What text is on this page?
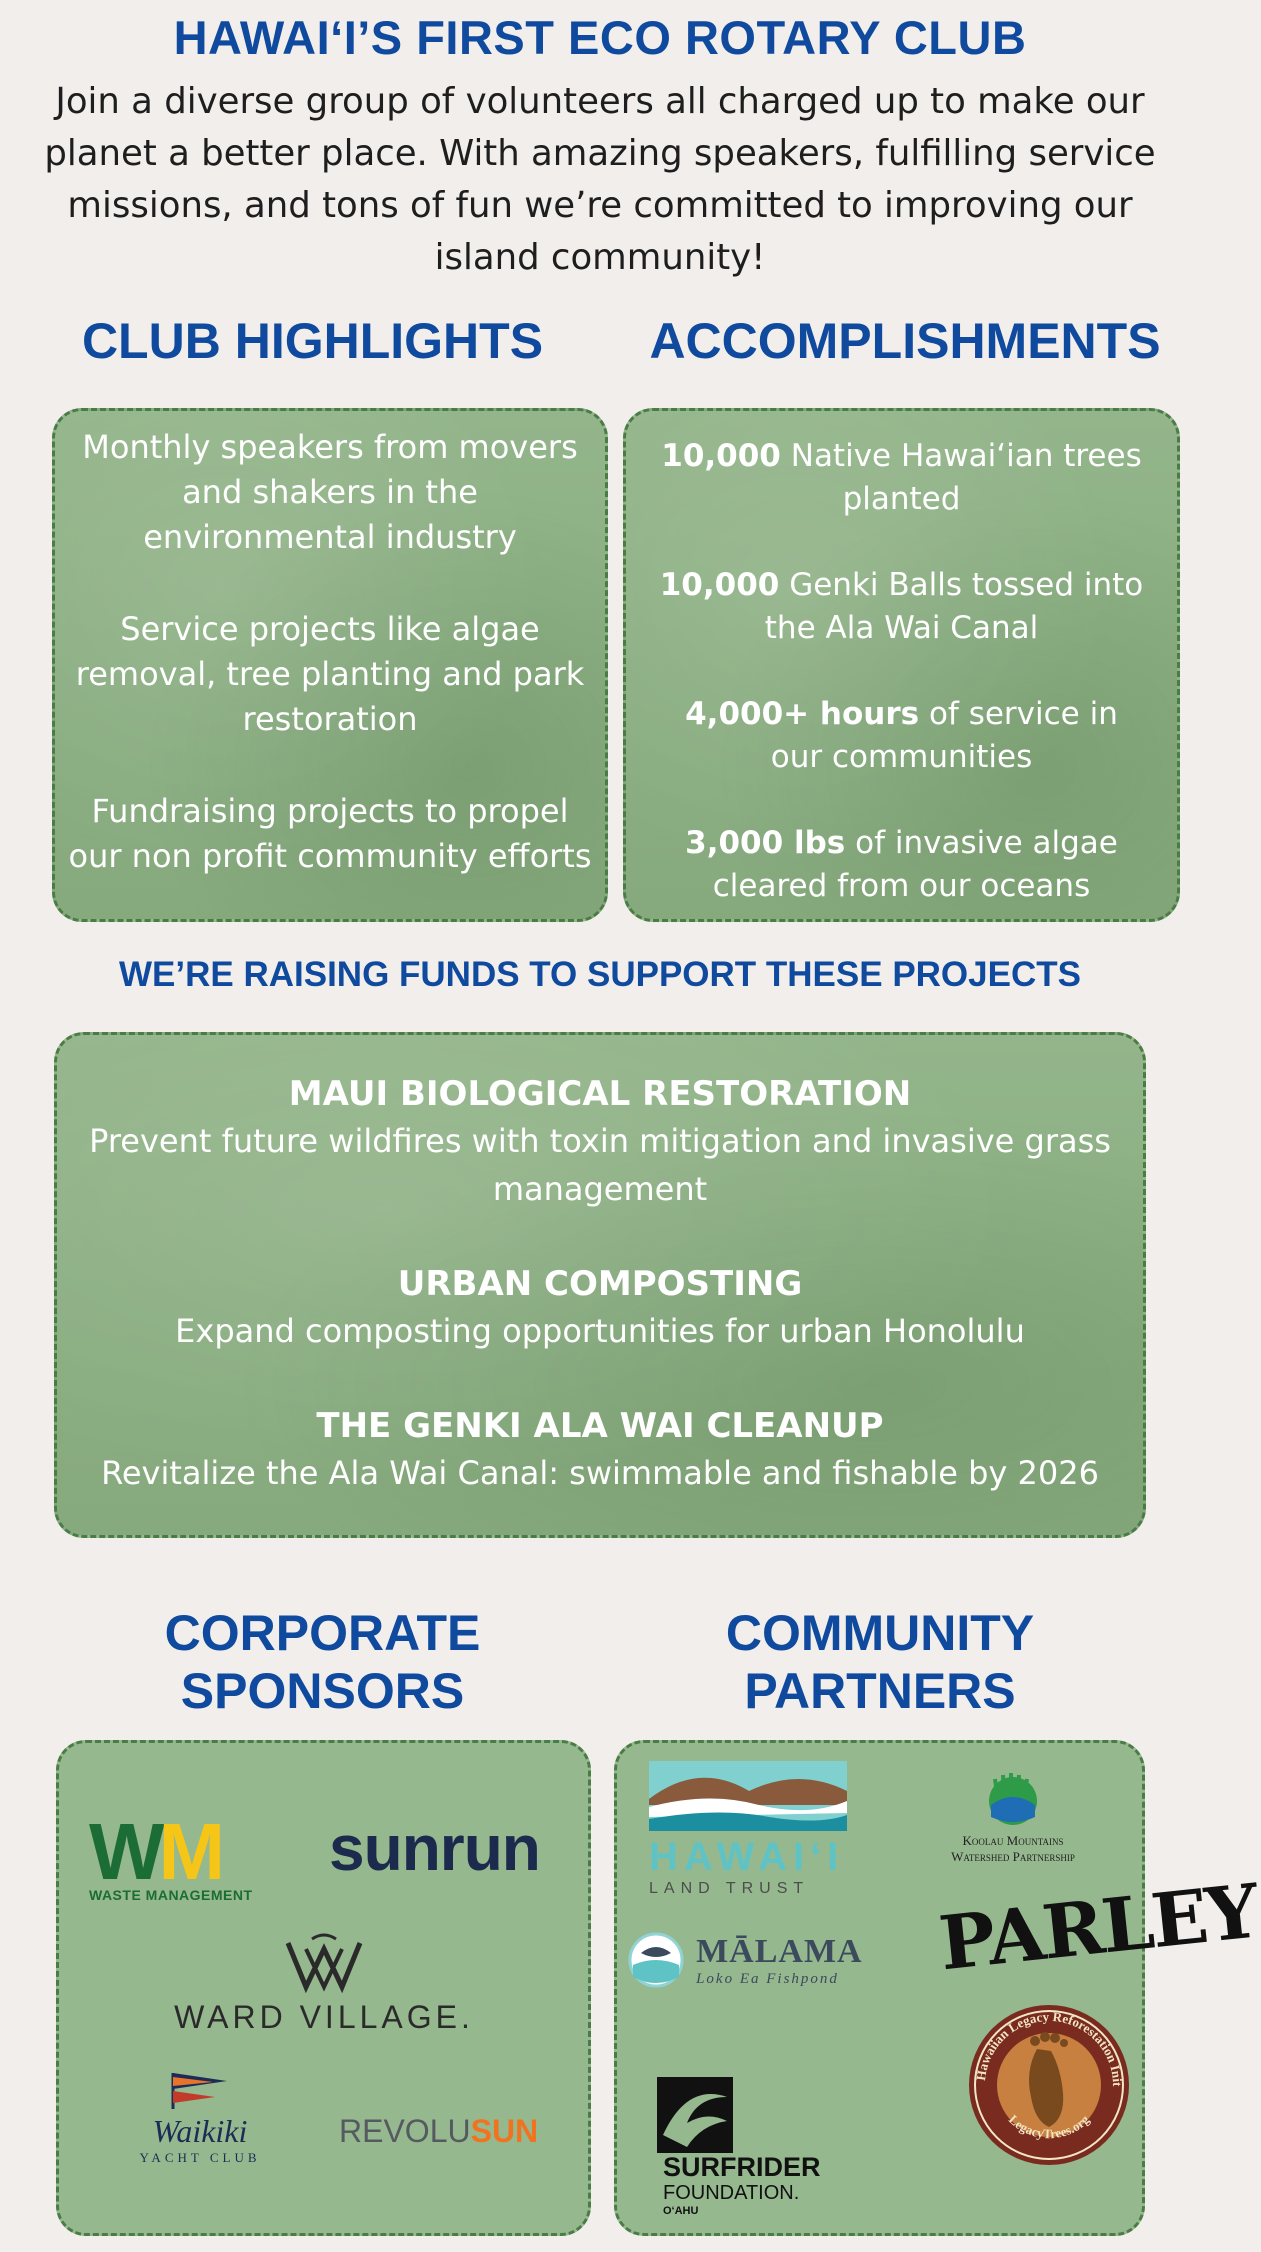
HAWAI‘I’S FIRST ECO ROTARY CLUB

Join a diverse group of volunteers all charged up to make our
planet a better place. With amazing speakers, fulfilling service
missions, and tons of fun we’re committed to improving our
island community!

CLUB HIGHLIGHTS	ACCOMPLISHMENTS

Monthly speakers from movers and shakers in the environmental industry

Service projects like algae removal, tree planting and park restoration

Fundraising projects to propel our non profit community efforts

10,000 Native Hawai‘ian trees planted

10,000 Genki Balls tossed into the Ala Wai Canal

4,000+ hours of service in our communities

3,000 lbs of invasive algae cleared from our oceans

WE’RE RAISING FUNDS TO SUPPORT THESE PROJECTS

MAUI BIOLOGICAL RESTORATION

Prevent future wildfires with toxin mitigation and invasive grass management

URBAN COMPOSTING

Expand composting opportunities for urban Honolulu

THE GENKI ALA WAI CLEANUP

Revitalize the Ala Wai Canal: swimmable and fishable by 2026

CORPORATE
SPONSORS
COMMUNITY
PARTNERS
WM
WASTE MANAGEMENT
sunrun
WARD VILLAGE.
Waikiki
YACHT CLUB
REVOLUSUN
HAWAI‘I
LAND TRUST
Koolau Mountains
Watershed Partnership

MĀLAMA
Loko Ea Fishpond	PARLEY

SURFRIDER
FOUNDATION.
O‘AHU
Hawaiian Legacy Reforestation Init
LegacyTrees.org
